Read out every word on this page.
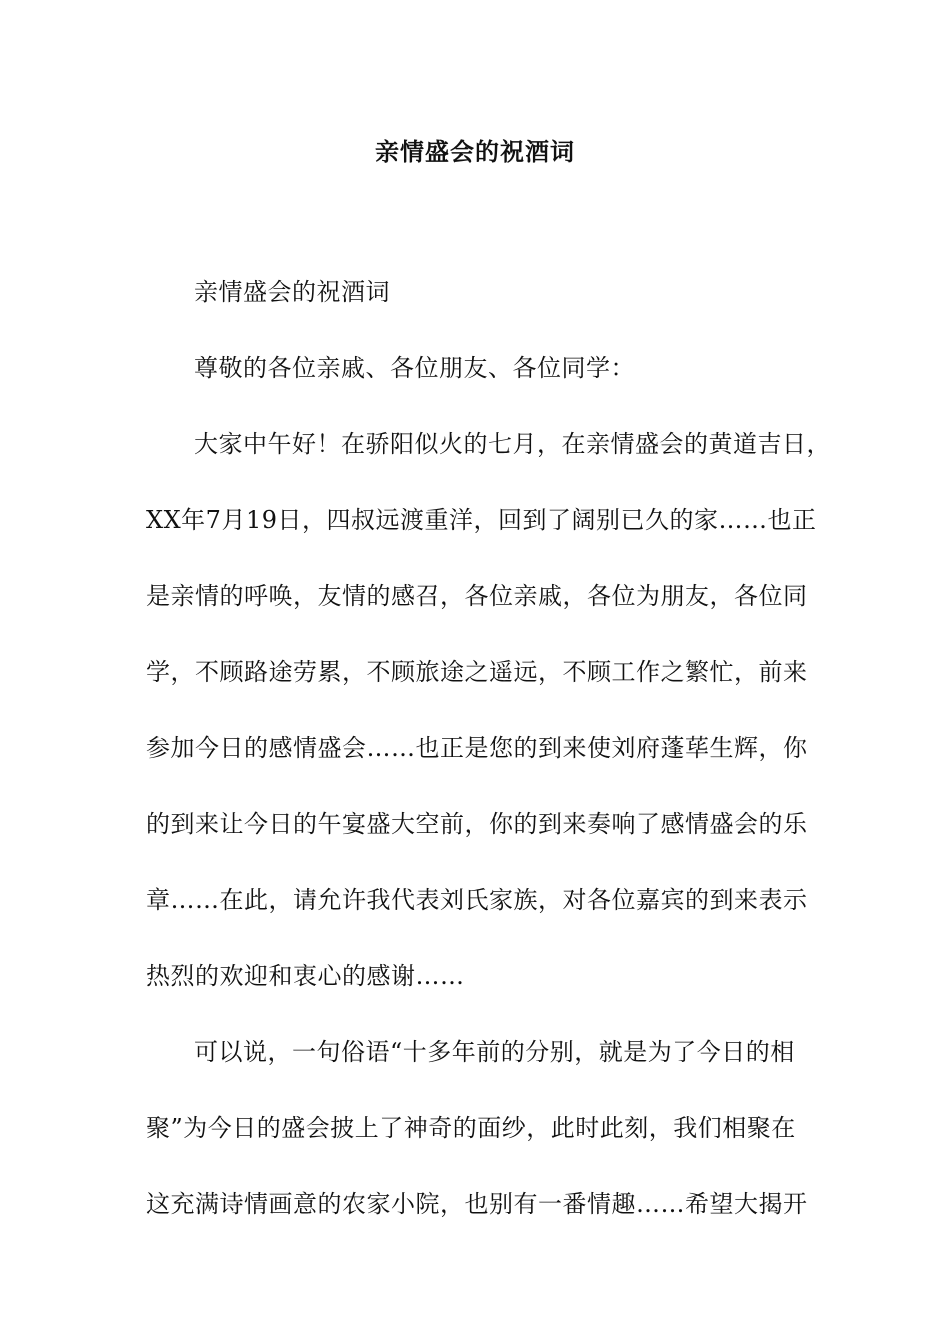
亲情盛会的祝酒词

亲情盛会的祝酒词

尊敬的各位亲戚、各位朋友、各位同学：

大家中午好！在骄阳似火的七月，在亲情盛会的黄道吉日，
XX年7月19日，四叔远渡重洋，回到了阔别已久的家……也正
是亲情的呼唤，友情的感召，各位亲戚，各位为朋友，各位同
学，不顾路途劳累，不顾旅途之遥远，不顾工作之繁忙，前来
参加今日的感情盛会……也正是您的到来使刘府蓬荜生辉，你
的到来让今日的午宴盛大空前，你的到来奏响了感情盛会的乐
章……在此，请允许我代表刘氏家族，对各位嘉宾的到来表示
热烈的欢迎和衷心的感谢……

可以说，一句俗语“十多年前的分别，就是为了今日的相
聚”为今日的盛会披上了神奇的面纱，此时此刻，我们相聚在
这充满诗情画意的农家小院，也别有一番情趣……希望大揭开
